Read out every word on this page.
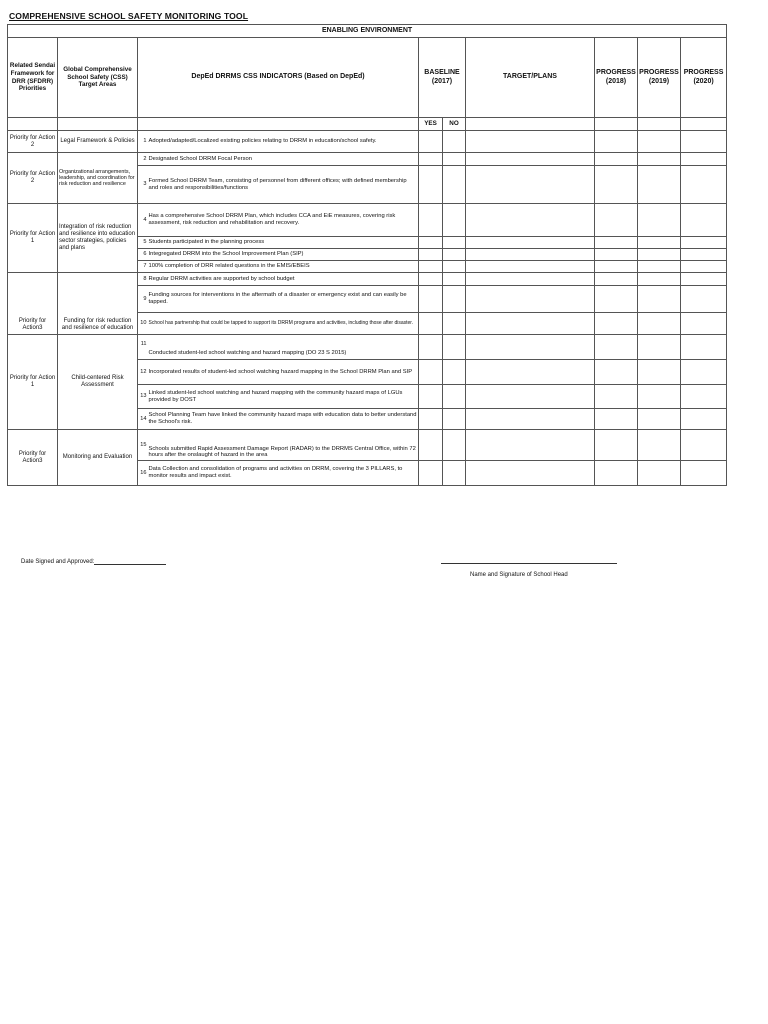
COMPREHENSIVE SCHOOL SAFETY MONITORING TOOL
ENABLING ENVIRONMENT									
Related Sendai Framework for DRR (SFDRR) Priorities	Global Comprehensive School Safety (CSS) Target Areas	DepEd DRRMS CSS INDICATORS (Based on DepEd)		BASELINE (2017)		TARGET/PLANS	PROGRESS (2018)	PROGRESS (2019)	PROGRESS (2020)
				YES	NO				
Priority for Action 2	Legal Framework & Policies	1	Adopted/adapted/Localized existing policies relating to DRRM in education/school safety.						
Priority for Action 2	Organizational arrangements, leadership, and coordination for risk reduction and resilience	2	Designated School DRRM Focal Person						
		3	Formed School DRRM Team, consisting of personnel from different offices; with defined membership and roles and responsibilities/functions						
Priority for Action 1	Integration of risk reduction and resilience into education sector strategies, policies and plans	4	Has a comprehensive School DRRM Plan, which includes CCA and EiE measures, covering risk assessment, risk reduction and rehabilitation and recovery.						
		5	Students participated in the planning process						
		6	Integregated DRRM into the School Improvement Plan (SIP)						
		7	100% completion of DRR related questions in the EMIS/EBEIS						
Priority for Action3	Funding for risk reduction and resilience of education	8	Regular DRRM activities are supported by school budget						
		9	Funding sources for interventions in the aftermath of a disaster or emergency exist and can easily be tapped.						
		10	School has partnership that could be tapped to support its DRRM programs and activities, including those after disaster.						
Priority for Action 1	Child-centered Risk Assessment	11	Conducted student-led school watching and hazard mapping (DO 23 S 2015)						
		12	Incorporated results of student-led school watching hazard mapping in the School DRRM Plan and SIP						
		13	Linked student-led school watching and hazard mapping with the community hazard maps of LGUs provided by DOST						
		14	School Planning Team have linked the community hazard maps with education data to better understand the School's risk.						
Priority for Action3	Monitoring and Evaluation	15	Schools submitted Rapid Assessment Damage Report (RADAR) to the DRRMS Central Office, within 72 hours after the onslaught of hazard in the area						
		16	Data Collection and consolidation of programs and activities on DRRM, covering the 3 PILLARS, to monitor results and impact exist.						
Date Signed and Approved:
Name and Signature of School Head
